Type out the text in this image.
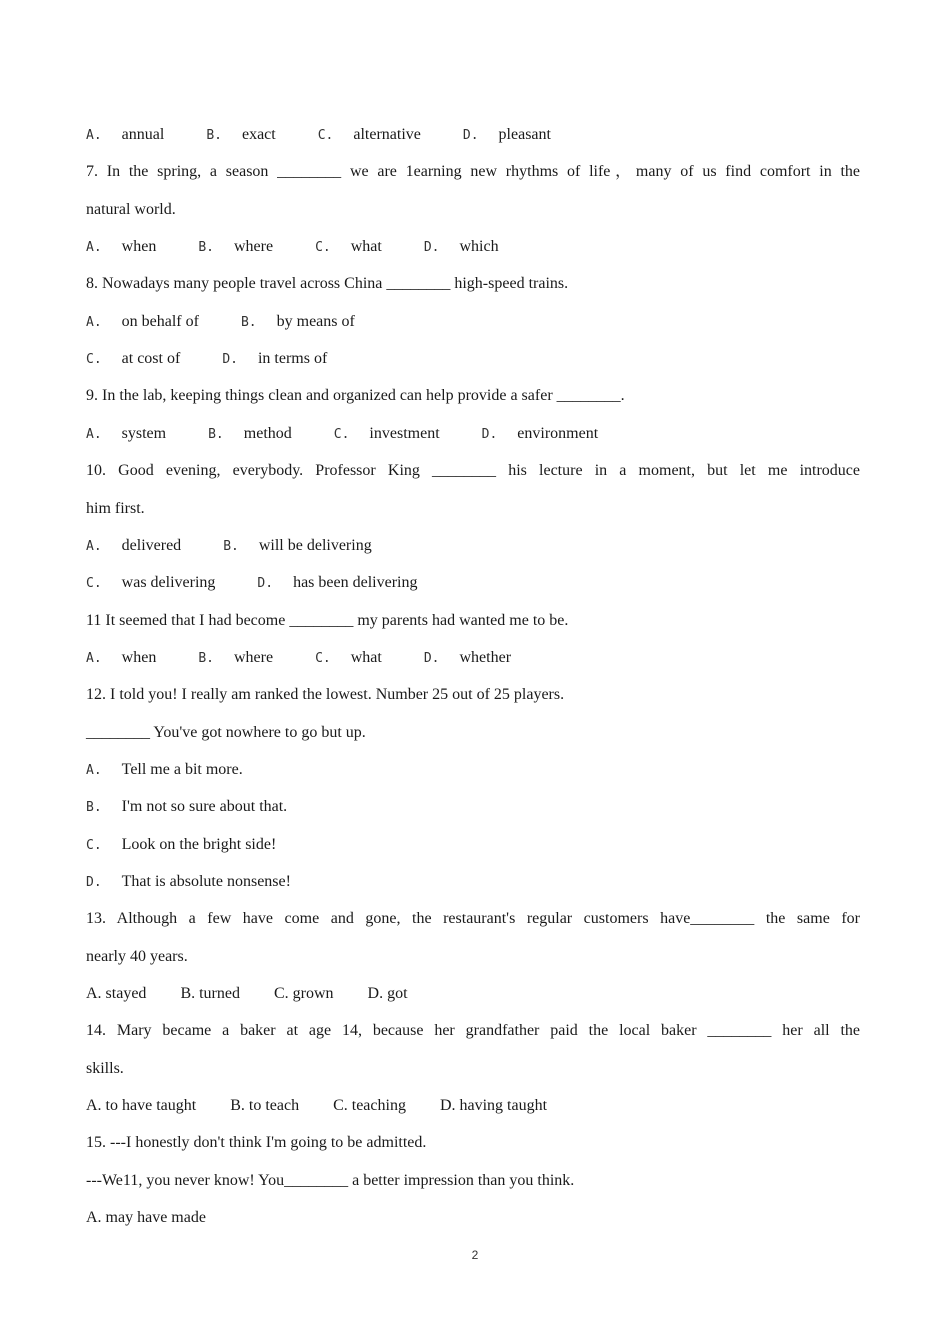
A. annual	B. exact	C. alternative	D. pleasant
7. In the spring, a season ________ we are 1earning new rhythms of life，many of us find comfort in the
natural world.
A. when	B. where	C. what	D. which
8. Nowadays many people travel across China ________ high-speed trains.
A. on behalf of	B. by means of
C. at cost of	D. in terms of
9. In the lab, keeping things clean and organized can help provide a safer ________.
A. system	B. method	C. investment	D. environment
10. Good evening, everybody. Professor King ________ his lecture in a moment, but let me introduce
him first.
A. delivered	B. will be delivering
C. was delivering	D. has been delivering
11 It seemed that I had become ________ my parents had wanted me to be.
A. when	B. where	C. what	D. whether
12. I told you! I really am ranked the lowest. Number 25 out of 25 players.
________ You've got nowhere to go but up.
A. Tell me a bit more.
B. I'm not so sure about that.
C. Look on the bright side!
D. That is absolute nonsense!
13. Although a few have come and gone, the restaurant's regular customers have________ the same for
nearly 40 years.
A. stayed B. turned C. grown D. got
14. Mary became a baker at age 14, because her grandfather paid the local baker ________ her all the
skills.
A. to have taught B. to teach C. teaching D. having taught
15. ---I honestly don't think I'm going to be admitted.
---We11, you never know! You________ a better impression than you think.
A. may have made
2
